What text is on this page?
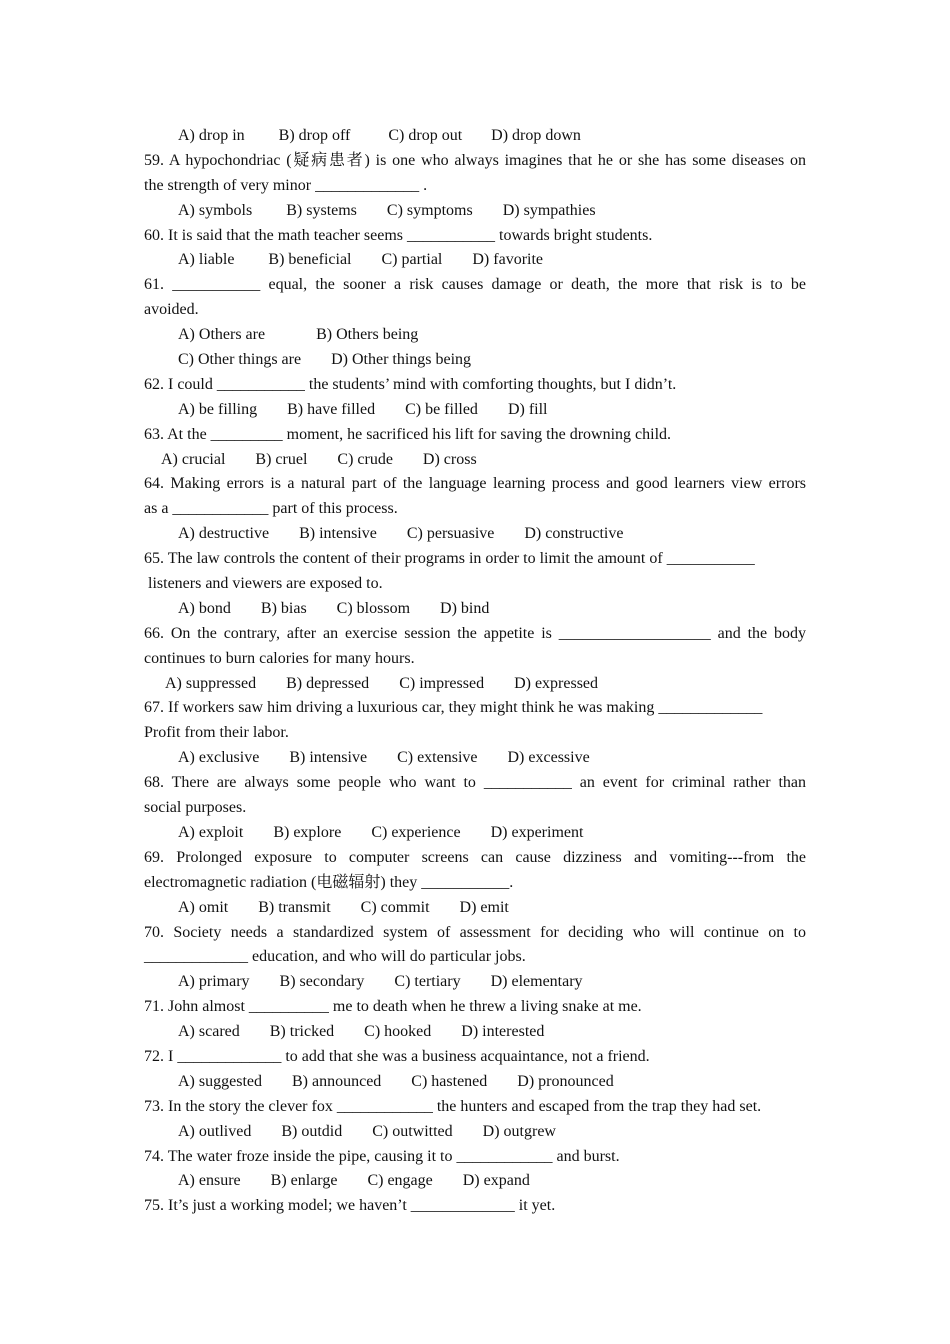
A) drop in B) drop off C) drop out D) drop down
59. A hypochondriac (疑病患者) is one who always imagines that he or she has some diseases on
the strength of very minor _____________ .
A) symbols B) systems C) symptoms D) sympathies
60. It is said that the math teacher seems ___________ towards bright students.
A) liable B) beneficial C) partial D) favorite
61. ___________ equal, the sooner a risk causes damage or death, the more that risk is to be
avoided.
A) Others are	B) Others being
C) Other things are D) Other things being
62. I could ___________ the students’ mind with comforting thoughts, but I didn’t.
A) be filling B) have filled C) be filled D) fill
63. At the _________ moment, he sacrificed his lift for saving the drowning child.
A) crucial B) cruel C) crude D) cross
64. Making errors is a natural part of the language learning process and good learners view errors
as a ____________ part of this process.
A) destructive B) intensive C) persuasive D) constructive
65. The law controls the content of their programs in order to limit the amount of ___________
listeners and viewers are exposed to.
A) bond B) bias C) blossom D) bind
66. On the contrary, after an exercise session the appetite is ___________________ and the body
continues to burn calories for many hours.
A) suppressed B) depressed C) impressed D) expressed
67. If workers saw him driving a luxurious car, they might think he was making _____________
Profit from their labor.
A) exclusive B) intensive C) extensive D) excessive
68. There are always some people who want to ___________ an event for criminal rather than
social purposes.
A) exploit B) explore C) experience D) experiment
69. Prolonged exposure to computer screens can cause dizziness and vomiting---from the
electromagnetic radiation (电磁辐射) they ___________.
A) omit B) transmit C) commit D) emit
70. Society needs a standardized system of assessment for deciding who will continue on to
_____________ education, and who will do particular jobs.
A) primary B) secondary C) tertiary D) elementary
71. John almost __________ me to death when he threw a living snake at me.
A) scared B) tricked C) hooked D) interested
72. I _____________ to add that she was a business acquaintance, not a friend.
A) suggested B) announced C) hastened D) pronounced
73. In the story the clever fox ____________ the hunters and escaped from the trap they had set.
A) outlived B) outdid C) outwitted D) outgrew
74. The water froze inside the pipe, causing it to ____________ and burst.
A) ensure B) enlarge C) engage D) expand
75. It’s just a working model; we haven’t _____________ it yet.
